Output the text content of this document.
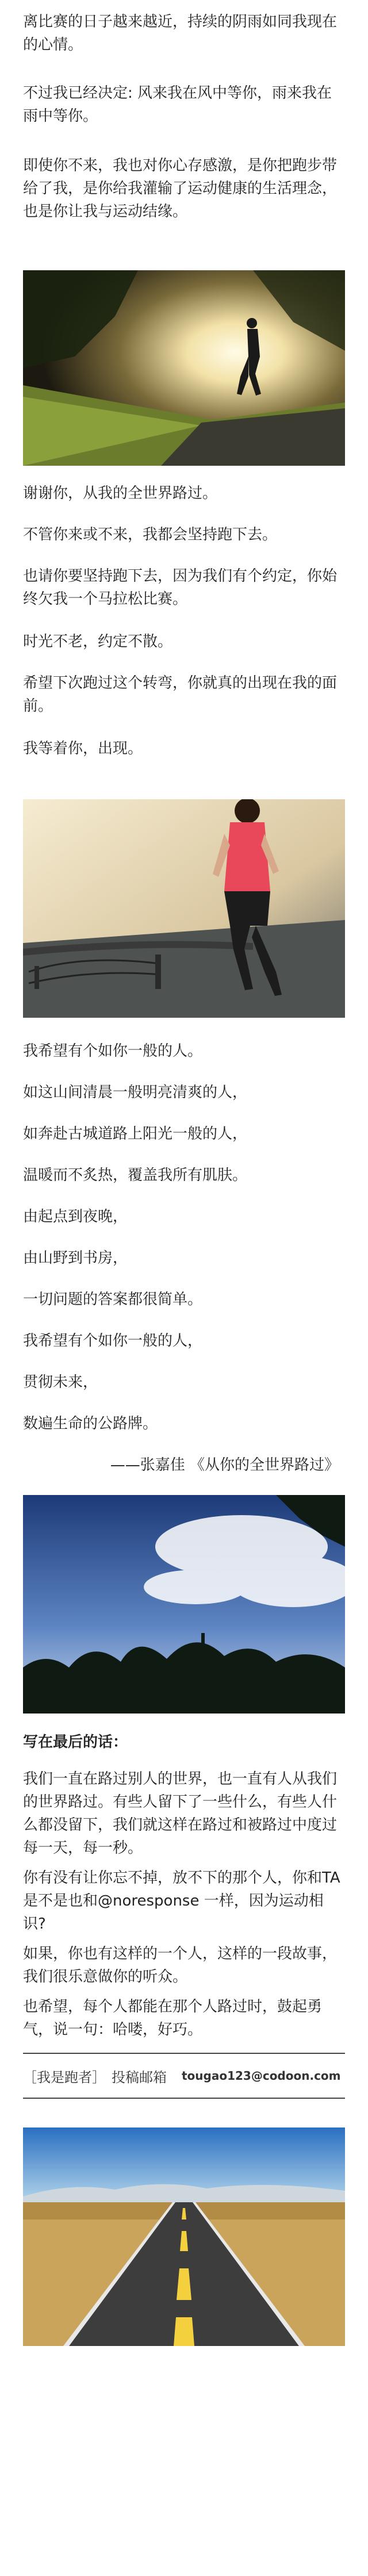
离比赛的日子越来越近，持续的阴雨如同我现在的心情。

不过我已经决定: 风来我在风中等你，雨来我在雨中等你。

即使你不来，我也对你心存感激，是你把跑步带给了我，是你给我灌输了运动健康的生活理念，也是你让我与运动结缘。

谢谢你，从我的全世界路过。

不管你来或不来，我都会坚持跑下去。

也请你要坚持跑下去，因为我们有个约定，你始终欠我一个马拉松比赛。

时光不老，约定不散。

希望下次跑过这个转弯，你就真的出现在我的面前。

我等着你，出现。

我希望有个如你一般的人。

如这山间清晨一般明亮清爽的人，

如奔赴古城道路上阳光一般的人，

温暖而不炙热，覆盖我所有肌肤。

由起点到夜晚，

由山野到书房，

一切问题的答案都很简单。

我希望有个如你一般的人，

贯彻未来，

数遍生命的公路牌。

——张嘉佳 《从你的全世界路过》

写在最后的话：

我们一直在路过别人的世界，也一直有人从我们的世界路过。有些人留下了一些什么，有些人什么都没留下，我们就这样在路过和被路过中度过每一天，每一秒。

你有没有让你忘不掉，放不下的那个人，你和TA是不是也和@noresponse 一样，因为运动相识?

如果，你也有这样的一个人，这样的一段故事，我们很乐意做你的听众。

也希望，每个人都能在那个人路过时，鼓起勇气，说一句：哈喽，好巧。

［我是跑者］ 投稿邮箱 tougao123@codoon.com
